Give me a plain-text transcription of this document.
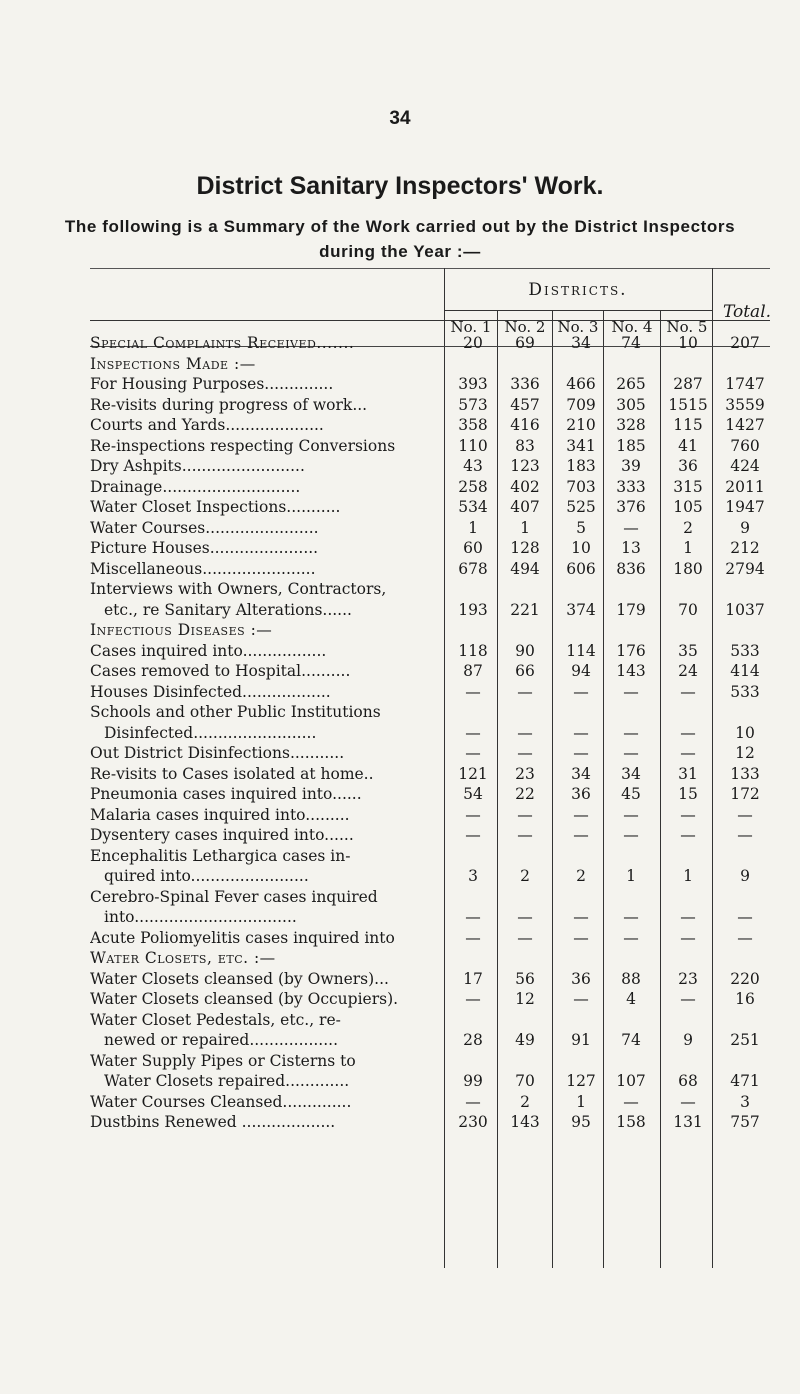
34
District Sanitary Inspectors' Work.
The following is a Summary of the Work carried out by the District Inspectors during the Year :—
Districts.
Total.
No. 1 No. 2 No. 3 No. 4 No. 5
Special Complaints Received.......	20	69	34	74	10	207
Inspections Made :—
For Housing Purposes..............	393	336	466	265	287	1747
Re-visits during progress of work...	573	457	709	305	1515	3559
Courts and Yards....................	358	416	210	328	115	1427
Re-inspections respecting Conversions	110	83	341	185	41	760
Dry Ashpits.........................	43	123	183	39	36	424
Drainage............................	258	402	703	333	315	2011
Water Closet Inspections...........	534	407	525	376	105	1947
Water Courses.......................	1	1	5	—	2	9
Picture Houses......................	60	128	10	13	1	212
Miscellaneous.......................	678	494	606	836	180	2794
Interviews with Owners, Contractors,
etc., re Sanitary Alterations......	193	221	374	179	70	1037
Infectious Diseases :—
Cases inquired into.................	118	90	114	176	35	533
Cases removed to Hospital..........	87	66	94	143	24	414
Houses Disinfected..................	—	—	—	—	—	533
Schools and other Public Institutions
Disinfected.........................	—	—	—	—	—	10
Out District Disinfections...........	—	—	—	—	—	12
Re-visits to Cases isolated at home..	121	23	34	34	31	133
Pneumonia cases inquired into......	54	22	36	45	15	172
Malaria cases inquired into.........	—	—	—	—	—	—
Dysentery cases inquired into......	—	—	—	—	—	—
Encephalitis Lethargica cases in-
quired into........................	3	2	2	1	1	9
Cerebro-Spinal Fever cases inquired
into.................................	—	—	—	—	—	—
Acute Poliomyelitis cases inquired into	—	—	—	—	—	—
Water Closets, etc. :—
Water Closets cleansed (by Owners)...	17	56	36	88	23	220
Water Closets cleansed (by Occupiers).	—	12	—	4	—	16
Water Closet Pedestals, etc., re-
newed or repaired..................	28	49	91	74	9	251
Water Supply Pipes or Cisterns to
Water Closets repaired.............	99	70	127	107	68	471
Water Courses Cleansed..............	—	2	1	—	—	3
Dustbins Renewed ...................	230	143	95	158	131	757
